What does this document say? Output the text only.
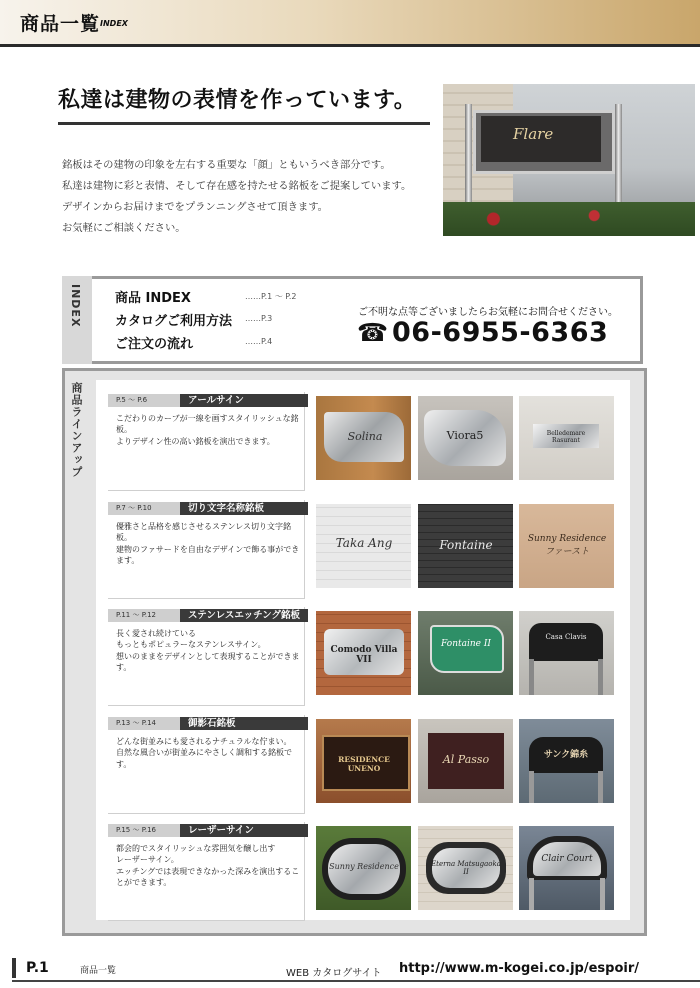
商品一覧 INDEX
私達は建物の表情を作っています。
銘板はその建物の印象を左右する重要な「顔」ともいうべき部分です。
私達は建物に彩と表情、そして存在感を持たせる銘板をご提案しています。
デザインからお届けまでをプランニングさせて頂きます。
お気軽にご相談ください。
Flare
INDEX	商品 INDEX	……P.1 ～ P.2
カタログご利用方法 ……P.3
ご注文の流れ	……P.4
ご不明な点等ございましたらお気軽にお問合せください。
☎ 06-6955-6363
商品ラインアップ	P.5 ～ P.6	アールサイン
こだわりのカーブが一線を画すスタイリッシュな銘板。
よりデザイン性の高い銘板を演出できます。	Solina	Viora5	Belledemare Rasurant
P.7 ～ P.10	切り文字名称銘板
優雅さと品格を感じさせるステンレス切り文字銘板。
建物のファサードを自由なデザインで飾る事ができます。
Taka Ang	Fontaine	Sunny Residence ファースト
P.11 ～ P.12	ステンレスエッチング銘板
長く愛され続けている
もっともポピュラーなステンレスサイン。
想いのままをデザインとして表現することができます。
Comodo Villa VII
Fontaine II
Casa Clavis
P.13 ～ P.14	御影石銘板
どんな街並みにも愛されるナチュラルな佇まい。
自然な風合いが街並みにやさしく調和する銘板です。
RESIDENCE UNENO
Al Passo	サンク錦糸
P.15 ～ P.16	レーザーサイン
都会的でスタイリッシュな雰囲気を醸し出す
レーザーサイン。
エッチングでは表現できなかった深みを演出することができます。
Sunny Residence	Eterna Matsugaoka II
Clair Court
P.1	商品一覧	WEB カタログサイト http://www.m-kogei.co.jp/espoir/
